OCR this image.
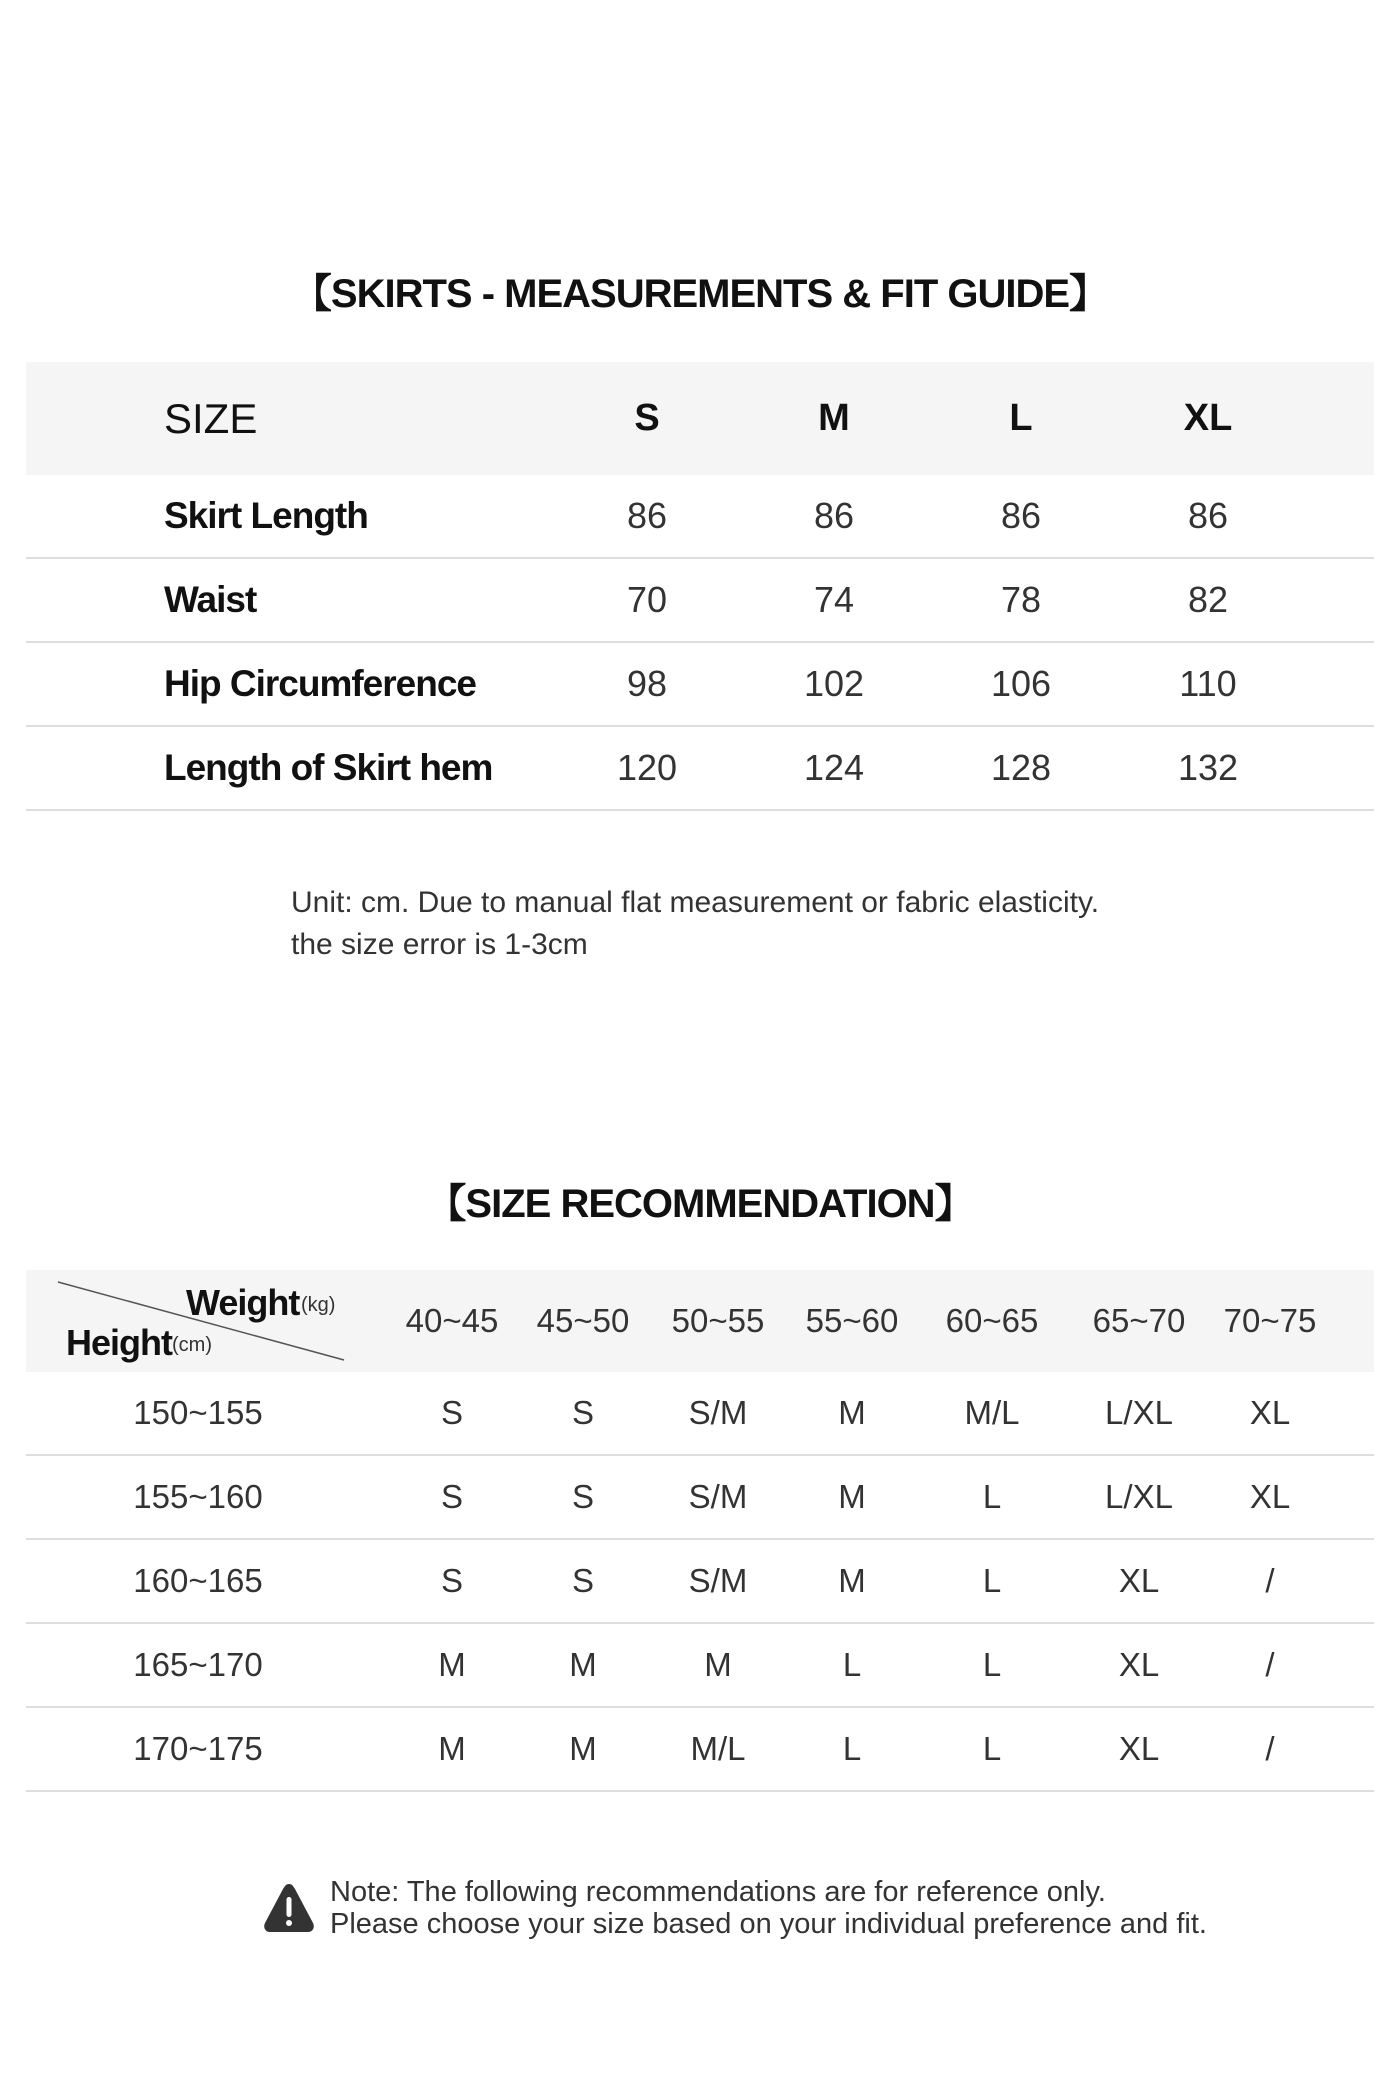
【SKIRTS - MEASUREMENTS & FIT GUIDE】
SIZE	S	M	L	XL
Skirt Length	86	86	86	86
Waist	70	74	78	82
Hip Circumference	98	102	106	110
Length of Skirt hem	120	124	128	132
Unit: cm. Due to manual flat measurement or fabric elasticity.
the size error is 1-3cm
【SIZE RECOMMENDATION】
Weight (kg)
Height (cm)
40~45	45~50	50~55	55~60	60~65	65~70	70~75
150~155	S	S	S/M	M	M/L	L/XL	XL
155~160	S	S	S/M	M	L	L/XL	XL
160~165	S	S	S/M	M	L	XL	/
165~170	M	M	M	L	L	XL	/
170~175	M	M	M/L	L	L	XL	/
Note: The following recommendations are for reference only.
Please choose your size based on your individual preference and fit.
